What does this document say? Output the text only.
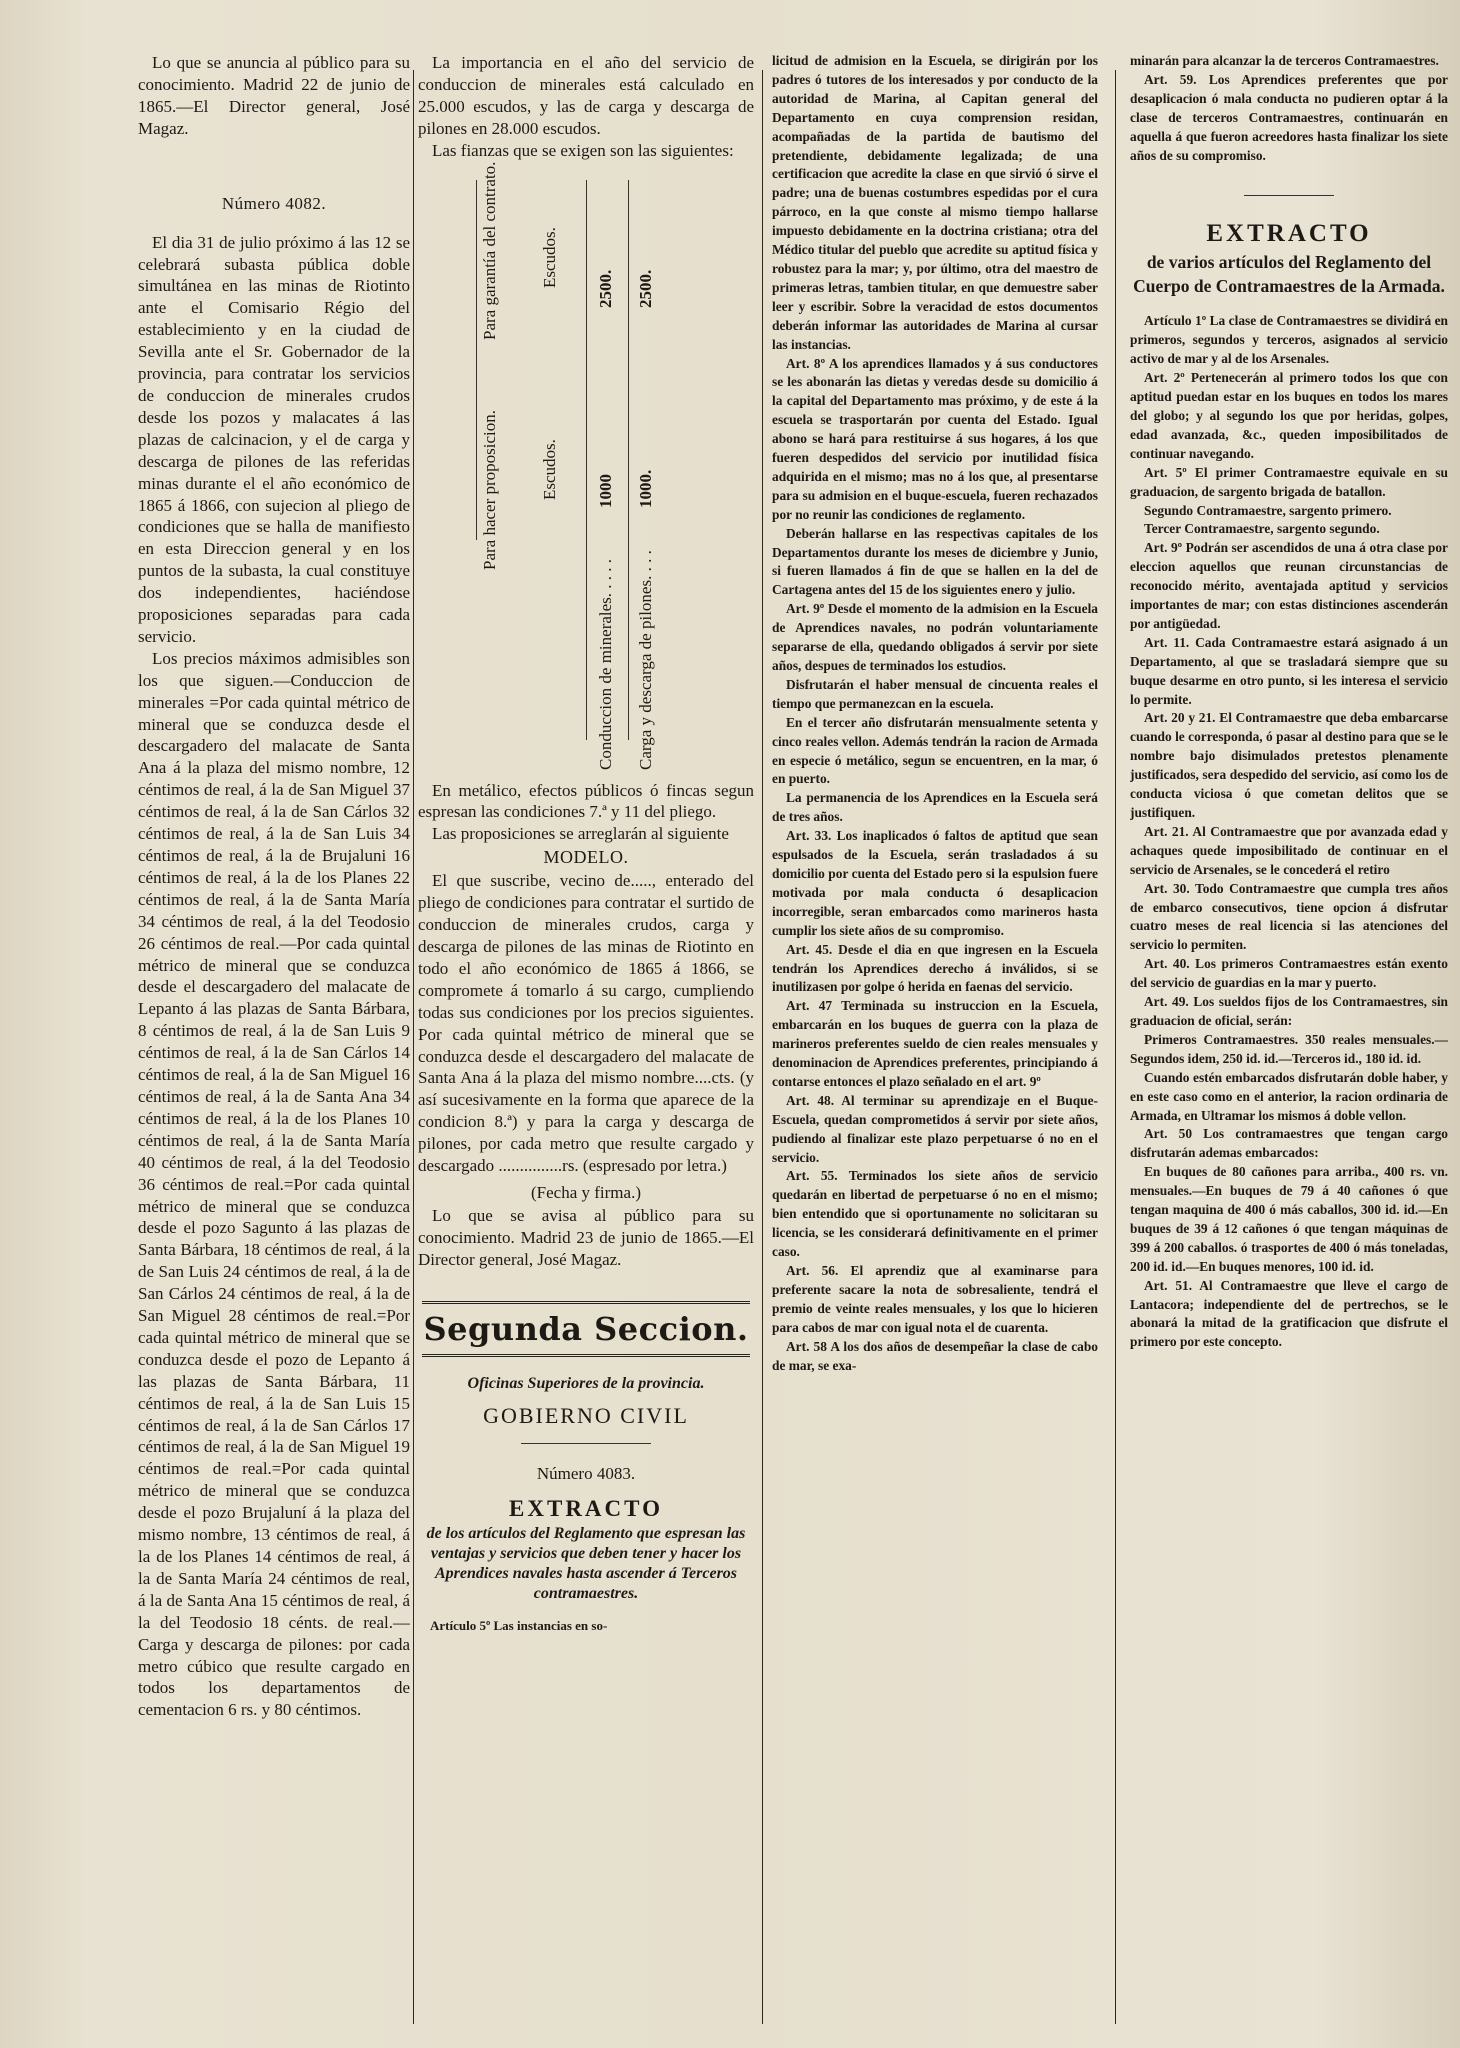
Lo que se anuncia al público para su conocimiento. Madrid 22 de junio de 1865.—El Director general, José Magaz.

Número 4082.

El dia 31 de julio próximo á las 12 se celebrará subasta pública doble simultánea en las minas de Riotinto ante el Comisario Régio del establecimiento y en la ciudad de Sevilla ante el Sr. Gobernador de la provincia, para contratar los servicios de conduccion de minerales crudos desde los pozos y malacates á las plazas de calcinacion, y el de carga y descarga de pilones de las referidas minas durante el el año económico de 1865 á 1866, con sujecion al pliego de condiciones que se halla de manifiesto en esta Direccion general y en los puntos de la subasta, la cual constituye dos independientes, haciéndose proposiciones separadas para cada servicio.

Los precios máximos admisibles son los que siguen.—Conduccion de minerales =Por cada quintal métrico de mineral que se conduzca desde el descargadero del malacate de Santa Ana á la plaza del mismo nombre, 12 céntimos de real, á la de San Miguel 37 céntimos de real, á la de San Cárlos 32 céntimos de real, á la de San Luis 34 céntimos de real, á la de Brujaluni 16 céntimos de real, á la de los Planes 22 céntimos de real, á la de Santa María 34 céntimos de real, á la del Teodosio 26 céntimos de real.—Por cada quintal métrico de mineral que se conduzca desde el descargadero del malacate de Lepanto á las plazas de Santa Bárbara, 8 céntimos de real, á la de San Luis 9 céntimos de real, á la de San Cárlos 14 céntimos de real, á la de San Miguel 16 céntimos de real, á la de Santa Ana 34 céntimos de real, á la de los Planes 10 céntimos de real, á la de Santa María 40 céntimos de real, á la del Teodosio 36 céntimos de real.=Por cada quintal métrico de mineral que se conduzca desde el pozo Sagunto á las plazas de Santa Bárbara, 18 céntimos de real, á la de San Luis 24 céntimos de real, á la de San Cárlos 24 céntimos de real, á la de San Miguel 28 céntimos de real.=Por cada quintal métrico de mineral que se conduzca desde el pozo de Lepanto á las plazas de Santa Bárbara, 11 céntimos de real, á la de San Luis 15 céntimos de real, á la de San Cárlos 17 céntimos de real, á la de San Miguel 19 céntimos de real.=Por cada quintal métrico de mineral que se conduzca desde el pozo Brujaluní á la plaza del mismo nombre, 13 céntimos de real, á la de los Planes 14 céntimos de real, á la de Santa María 24 céntimos de real, á la de Santa Ana 15 céntimos de real, á la del Teodosio 18 cénts. de real.—Carga y descarga de pilones: por cada metro cúbico que resulte cargado en todos los departamentos de cementacion 6 rs. y 80 céntimos.

La importancia en el año del servicio de conduccion de minerales está calculado en 25.000 escudos, y las de carga y descarga de pilones en 28.000 escudos.

Las fianzas que se exigen son las siguientes:

Para garantía del contrato. Escudos.
Para hacer proposicion. Escudos.
2500. 2500.
1000 1000.
Conduccion de minerales. . . . . Carga y descarga de pilones. . . .

En metálico, efectos públicos ó fincas segun espresan las condiciones 7.ª y 11 del pliego.

Las proposiciones se arreglarán al siguiente

MODELO.

El que suscribe, vecino de....., enterado del pliego de condiciones para contratar el surtido de conduccion de minerales crudos, carga y descarga de pilones de las minas de Riotinto en todo el año económico de 1865 á 1866, se compromete á tomarlo á su cargo, cumpliendo todas sus condiciones por los precios siguientes. Por cada quintal métrico de mineral que se conduzca desde el descargadero del malacate de Santa Ana á la plaza del mismo nombre....cts. (y así sucesivamente en la forma que aparece de la condicion 8.ª) y para la carga y descarga de pilones, por cada metro que resulte cargado y descargado ...............rs. (espresado por letra.)

(Fecha y firma.)

Lo que se avisa al público para su conocimiento. Madrid 23 de junio de 1865.—El Director general, José Magaz.

Segunda Seccion.
Oficinas Superiores de la provincia.
GOBIERNO CIVIL
Número 4083.
EXTRACTO
de los artículos del Reglamento que espresan las ventajas y servicios que deben tener y hacer los Aprendices navales hasta ascender á Terceros contramaestres.
Artículo 5º Las instancias en so-

licitud de admision en la Escuela, se dirigirán por los padres ó tutores de los interesados y por conducto de la autoridad de Marina, al Capitan general del Departamento en cuya comprension residan, acompañadas de la partida de bautismo del pretendiente, debidamente legalizada; de una certificacion que acredite la clase en que sirvió ó sirve el padre; una de buenas costumbres espedidas por el cura párroco, en la que conste al mismo tiempo hallarse impuesto debidamente en la doctrina cristiana; otra del Médico titular del pueblo que acredite su aptitud física y robustez para la mar; y, por último, otra del maestro de primeras letras, tambien titular, en que demuestre saber leer y escribir. Sobre la veracidad de estos documentos deberán informar las autoridades de Marina al cursar las instancias.

Art. 8º A los aprendices llamados y á sus conductores se les abonarán las dietas y veredas desde su domicilio á la capital del Departamento mas próximo, y de este á la escuela se trasportarán por cuenta del Estado. Igual abono se hará para restituirse á sus hogares, á los que fueren despedidos del servicio por inutilidad física adquirida en el mismo; mas no á los que, al presentarse para su admision en el buque-escuela, fueren rechazados por no reunir las condiciones de reglamento.

Deberán hallarse en las respectivas capitales de los Departamentos durante los meses de diciembre y Junio, si fueren llamados á fin de que se hallen en la del de Cartagena antes del 15 de los siguientes enero y julio.

Art. 9º Desde el momento de la admision en la Escuela de Aprendices navales, no podrán voluntariamente separarse de ella, quedando obligados á servir por siete años, despues de terminados los estudios.

Disfrutarán el haber mensual de cincuenta reales el tiempo que permanezcan en la escuela.

En el tercer año disfrutarán mensualmente setenta y cinco reales vellon. Además tendrán la racion de Armada en especie ó metálico, segun se encuentren, en la mar, ó en puerto.

La permanencia de los Aprendices en la Escuela será de tres años.

Art. 33. Los inaplicados ó faltos de aptitud que sean espulsados de la Escuela, serán trasladados á su domicilio por cuenta del Estado pero si la espulsion fuere motivada por mala conducta ó desaplicacion incorregible, seran embarcados como marineros hasta cumplir los siete años de su compromiso.

Art. 45. Desde el dia en que ingresen en la Escuela tendrán los Aprendices derecho á inválidos, si se inutilizasen por golpe ó herida en faenas del servicio.

Art. 47 Terminada su instruccion en la Escuela, embarcarán en los buques de guerra con la plaza de marineros preferentes sueldo de cien reales mensuales y denominacion de Aprendices preferentes, principiando á contarse entonces el plazo señalado en el art. 9º

Art. 48. Al terminar su aprendizaje en el Buque-Escuela, quedan comprometidos á servir por siete años, pudiendo al finalizar este plazo perpetuarse ó no en el servicio.

Art. 55. Terminados los siete años de servicio quedarán en libertad de perpetuarse ó no en el mismo; bien entendido que si oportunamente no solicitaran su licencia, se les considerará definitivamente en el primer caso.

Art. 56. El aprendiz que al examinarse para preferente sacare la nota de sobresaliente, tendrá el premio de veinte reales mensuales, y los que lo hicieren para cabos de mar con igual nota el de cuarenta.

Art. 58 A los dos años de desempeñar la clase de cabo de mar, se exa-

minarán para alcanzar la de terceros Contramaestres.

Art. 59. Los Aprendices preferentes que por desaplicacion ó mala conducta no pudieren optar á la clase de terceros Contramaestres, continuarán en aquella á que fueron acreedores hasta finalizar los siete años de su compromiso.

EXTRACTO
de varios artículos del Reglamento del Cuerpo de Contramaestres de la Armada.

Artículo 1º La clase de Contramaestres se dividirá en primeros, segundos y terceros, asignados al servicio activo de mar y al de los Arsenales.

Art. 2º Pertenecerán al primero todos los que con aptitud puedan estar en los buques en todos los mares del globo; y al segundo los que por heridas, golpes, edad avanzada, &c., queden imposibilitados de continuar navegando.

Art. 5º El primer Contramaestre equivale en su graduacion, de sargento brigada de batallon.

Segundo Contramaestre, sargento primero.

Tercer Contramaestre, sargento segundo.

Art. 9º Podrán ser ascendidos de una á otra clase por eleccion aquellos que reunan circunstancias de reconocido mérito, aventajada aptitud y servicios importantes de mar; con estas distinciones ascenderán por antigüedad.

Art. 11. Cada Contramaestre estará asignado á un Departamento, al que se trasladará siempre que su buque desarme en otro punto, si les interesa el servicio lo permite.

Art. 20 y 21. El Contramaestre que deba embarcarse cuando le corresponda, ó pasar al destino para que se le nombre bajo disimulados pretestos plenamente justificados, sera despedido del servicio, así como los de conducta viciosa ó que cometan delitos que se justifiquen.

Art. 21. Al Contramaestre que por avanzada edad y achaques quede imposibilitado de continuar en el servicio de Arsenales, se le concederá el retiro

Art. 30. Todo Contramaestre que cumpla tres años de embarco consecutivos, tiene opcion á disfrutar cuatro meses de real licencia si las atenciones del servicio lo permiten.

Art. 40. Los primeros Contramaestres están exento del servicio de guardias en la mar y puerto.

Art. 49. Los sueldos fijos de los Contramaestres, sin graduacion de oficial, serán:

Primeros Contramaestres. 350 reales mensuales.—Segundos idem, 250 id. id.—Terceros id., 180 id. id.

Cuando estén embarcados disfrutarán doble haber, y en este caso como en el anterior, la racion ordinaria de Armada, en Ultramar los mismos á doble vellon.

Art. 50 Los contramaestres que tengan cargo disfrutarán ademas embarcados:

En buques de 80 cañones para arriba., 400 rs. vn. mensuales.—En buques de 79 á 40 cañones ó que tengan maquina de 400 ó más caballos, 300 id. id.—En buques de 39 á 12 cañones ó que tengan máquinas de 399 á 200 caballos. ó trasportes de 400 ó más toneladas, 200 id. id.—En buques menores, 100 id. id.

Art. 51. Al Contramaestre que lleve el cargo de Lantacora; independiente del de pertrechos, se le abonará la mitad de la gratificacion que disfrute el primero por este concepto.
